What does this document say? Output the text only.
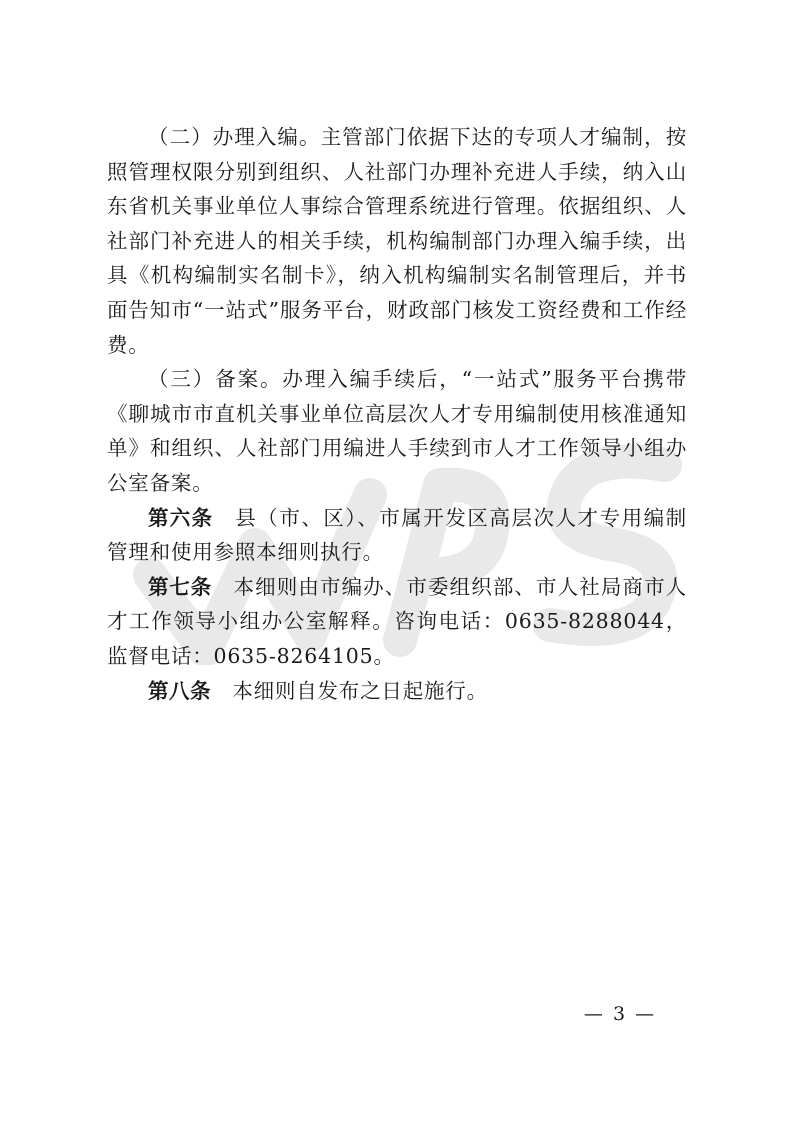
（二）办理入编。主管部门依据下达的专项人才编制，按照管理权限分别到组织、人社部门办理补充进人手续，纳入山东省机关事业单位人事综合管理系统进行管理。依据组织、人社部门补充进人的相关手续，机构编制部门办理入编手续，出具《机构编制实名制卡》，纳入机构编制实名制管理后，并书面告知市“一站式”服务平台，财政部门核发工资经费和工作经费。

（三）备案。办理入编手续后，“一站式”服务平台携带《聊城市市直机关事业单位高层次人才专用编制使用核准通知单》和组织、人社部门用编进人手续到市人才工作领导小组办公室备案。

第六条　 县（市、区）、市属开发区高层次人才专用编制管理和使用参照本细则执行。

第七条　 本细则由市编办、市委组织部、市人社局商市人才工作领导小组办公室解释。咨询电话：0635-8288044，监督电话：0635-8264105。

第八条　 本细则自发布之日起施行。

— 3 —
